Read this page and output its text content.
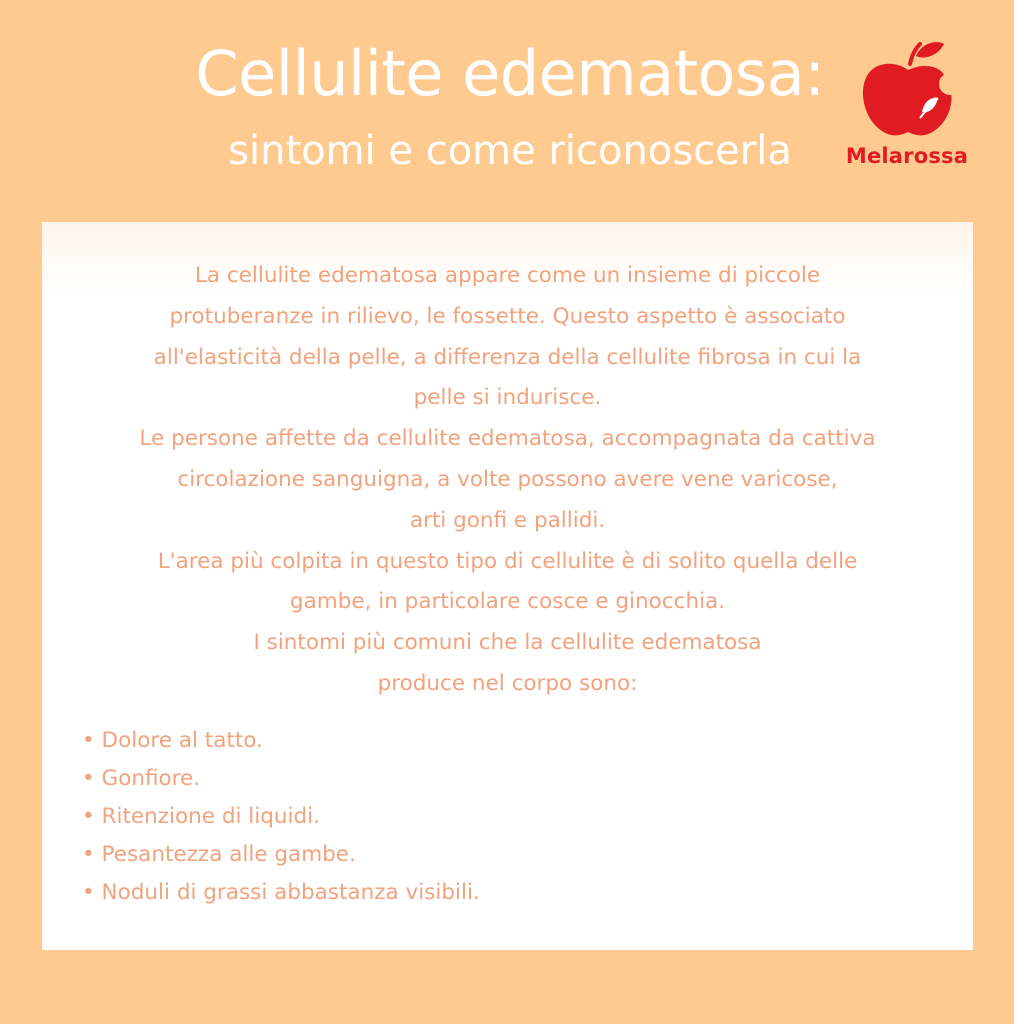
Cellulite edematosa:
sintomi e come riconoscerla	Melarossa

La cellulite edematosa appare come un insieme di piccole

protuberanze in rilievo, le fossette. Questo aspetto è associato

all'elasticità della pelle, a differenza della cellulite fibrosa in cui la

pelle si indurisce.

Le persone affette da cellulite edematosa, accompagnata da cattiva

circolazione sanguigna, a volte possono avere vene varicose,

arti gonfi e pallidi.

L'area più colpita in questo tipo di cellulite è di solito quella delle

gambe, in particolare cosce e ginocchia.

I sintomi più comuni che la cellulite edematosa

produce nel corpo sono:

• Dolore al tatto.
• Gonfiore.
• Ritenzione di liquidi.
• Pesantezza alle gambe.
• Noduli di grassi abbastanza visibili.
